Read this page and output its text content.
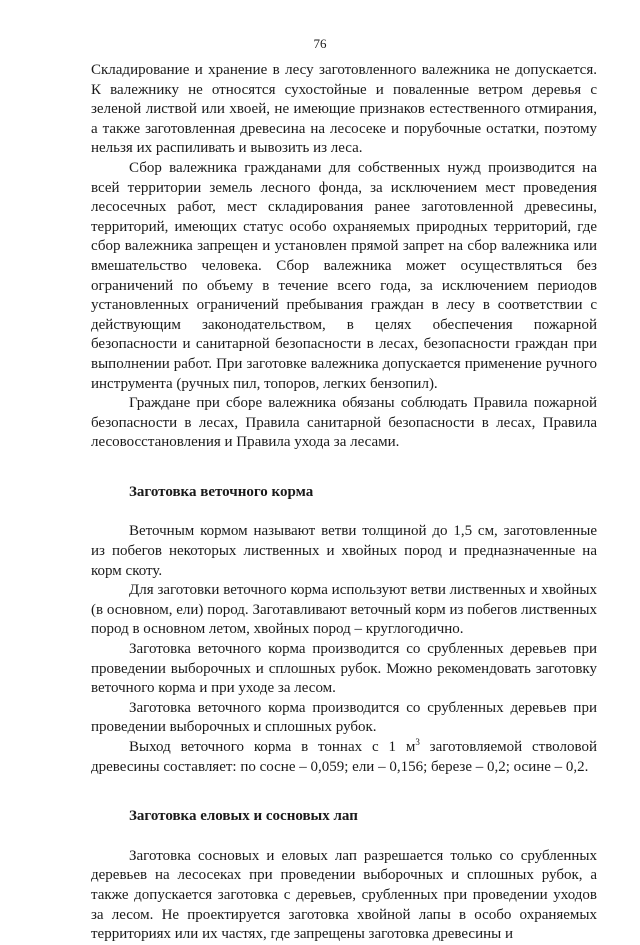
76

Складирование и хранение в лесу заготовленного валежника не допускается. К валежнику не относятся сухостойные и поваленные ветром деревья с зеленой листвой или хвоей, не имеющие признаков естественного отмирания, а также заготовленная древесина на лесосеке и порубочные остатки, поэтому нельзя их распиливать и вывозить из леса.

Сбор валежника гражданами для собственных нужд производится на всей территории земель лесного фонда, за исключением мест проведения лесосечных работ, мест складирования ранее заготовленной древесины, территорий, имеющих статус особо охраняемых природных территорий, где сбор валежника запрещен и установлен прямой запрет на сбор валежника или вмешательство человека. Сбор валежника может осуществляться без ограничений по объему в течение всего года, за исключением периодов установленных ограничений пребывания граждан в лесу в соответствии с действующим законодательством, в целях обеспечения пожарной безопасности и санитарной безопасности в лесах, безопасности граждан при выполнении работ. При заготовке валежника допускается применение ручного инструмента (ручных пил, топоров, легких бензопил).

Граждане при сборе валежника обязаны соблюдать Правила пожарной безопасности в лесах, Правила санитарной безопасности в лесах, Правила лесовосстановления и Правила ухода за лесами.

Заготовка веточного корма

Веточным кормом называют ветви толщиной до 1,5 см, заготовленные из побегов некоторых лиственных и хвойных пород и предназначенные на корм скоту.

Для заготовки веточного корма используют ветви лиственных и хвойных (в основном, ели) пород. Заготавливают веточный корм из побегов лиственных пород в основном летом, хвойных пород – круглогодично.

Заготовка веточного корма производится со срубленных деревьев при проведении выборочных и сплошных рубок. Можно рекомендовать заготовку веточного корма и при уходе за лесом.

Заготовка веточного корма производится со срубленных деревьев при проведении выборочных и сплошных рубок.

Выход веточного корма в тоннах с 1 $м^3$ заготовляемой стволовой древесины составляет: по сосне – 0,059; ели – 0,156; березе – 0,2; осине – 0,2.

Заготовка еловых и сосновых лап

Заготовка сосновых и еловых лап разрешается только со срубленных деревьев на лесосеках при проведении выборочных и сплошных рубок, а также допускается заготовка с деревьев, срубленных при проведении уходов за лесом. Не проектируется заготовка хвойной лапы в особо охраняемых территориях или их частях, где запрещены заготовка древесины и
